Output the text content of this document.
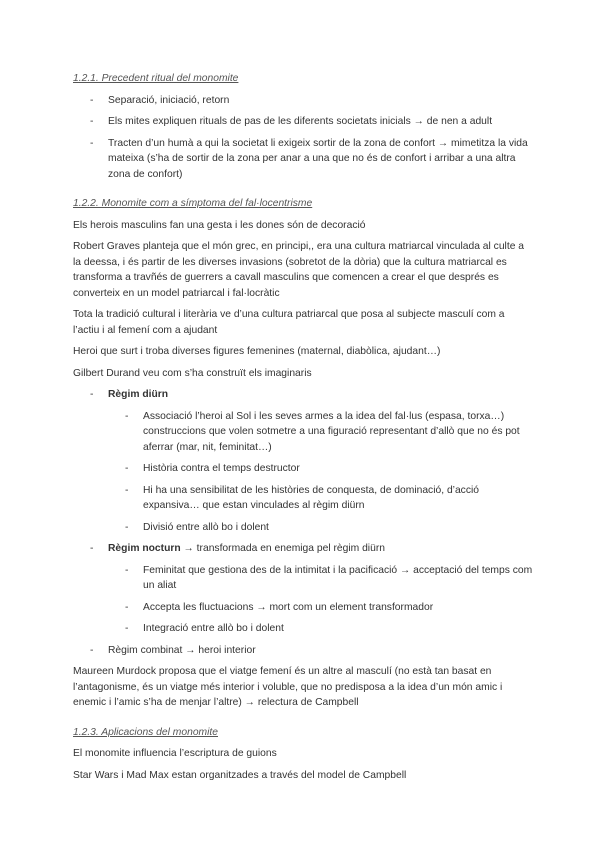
1.2.1. Precedent ritual del monomite

- Separació, iniciació, retorn
- Els mites expliquen rituals de pas de les diferents societats inicials → de nen a adult
- Tracten d’un humà a qui la societat li exigeix sortir de la zona de confort → mimetitza la vida mateixa (s’ha de sortir de la zona per anar a una que no és de confort i arribar a una altra zona de confort)

1.2.2. Monomite com a símptoma del fal·locentrisme

Els herois masculins fan una gesta i les dones són de decoració

Robert Graves planteja que el món grec, en principi,, era una cultura matriarcal vinculada al culte a la deessa, i és partir de les diverses invasions (sobretot de la dòria) que la cultura matriarcal es transforma a travñés de guerrers a cavall masculins que comencen a crear el que després es converteix en un model patriarcal i fal·locràtic

Tota la tradició cultural i literària ve d’una cultura patriarcal que posa al subjecte masculí com a l’actiu i al femení com a ajudant

Heroi que surt i troba diverses figures femenines (maternal, diabòlica, ajudant…)

Gilbert Durand veu com s’ha construït els imaginaris

- Règim diürn
- Associació l’heroi al Sol i les seves armes a la idea del fal·lus (espasa, torxa…) construccions que volen sotmetre a una figuració representant d’allò que no és pot aferrar (mar, nit, feminitat…)
- Història contra el temps destructor
- Hi ha una sensibilitat de les històries de conquesta, de dominació, d’acció expansiva… que estan vinculades al règim diürn
- Divisió entre allò bo i dolent
- Règim nocturn → transformada en enemiga pel règim diürn
- Feminitat que gestiona des de la intimitat i la pacificació → acceptació del temps com un aliat
- Accepta les fluctuacions → mort com un element transformador
- Integració entre allò bo i dolent
- Règim combinat → heroi interior

Maureen Murdock proposa que el viatge femení és un altre al masculí (no està tan basat en l’antagonisme, és un viatge més interior i voluble, que no predisposa a la idea d’un món amic i enemic i l’amic s’ha de menjar l’altre) → relectura de Campbell

1.2.3. Aplicacions del monomite

El monomite influencia l’escriptura de guions

Star Wars i Mad Max estan organitzades a través del model de Campbell
